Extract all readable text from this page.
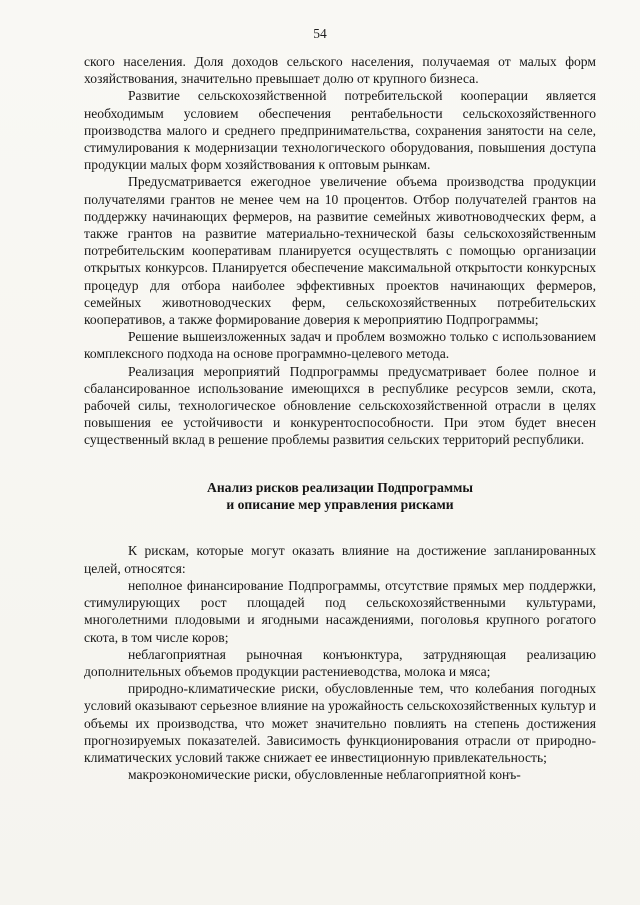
54

ского населения. Доля доходов сельского населения, получаемая от малых форм хозяйствования, значительно превышает долю от крупного бизнеса.

Развитие сельскохозяйственной потребительской кооперации является необходимым условием обеспечения рентабельности сельскохозяйственного производства малого и среднего предпринимательства, сохранения занятости на селе, стимулирования к модернизации технологического оборудования, повышения доступа продукции малых форм хозяйствования к оптовым рынкам.

Предусматривается ежегодное увеличение объема производства продукции получателями грантов не менее чем на 10 процентов. Отбор получателей грантов на поддержку начинающих фермеров, на развитие семейных животноводческих ферм, а также грантов на развитие материально-технической базы сельскохозяйственным потребительским кооперативам планируется осуществлять с помощью организации открытых конкурсов. Планируется обеспечение максимальной открытости конкурсных процедур для отбора наиболее эффективных проектов начинающих фермеров, семейных животноводческих ферм, сельскохозяйственных потребительских кооперативов, а также формирование доверия к мероприятию Подпрограммы;

Решение вышеизложенных задач и проблем возможно только с использованием комплексного подхода на основе программно-целевого метода.

Реализация мероприятий Подпрограммы предусматривает более полное и сбалансированное использование имеющихся в республике ресурсов земли, скота, рабочей силы, технологическое обновление сельскохозяйственной отрасли в целях повышения ее устойчивости и конкурентоспособности. При этом будет внесен существенный вклад в решение проблемы развития сельских территорий республики.

Анализ рисков реализации Подпрограммы
и описание мер управления рисками

К рискам, которые могут оказать влияние на достижение запланированных целей, относятся:

неполное финансирование Подпрограммы, отсутствие прямых мер поддержки, стимулирующих рост площадей под сельскохозяйственными культурами, многолетними плодовыми и ягодными насаждениями, поголовья крупного рогатого скота, в том числе коров;

неблагоприятная рыночная конъюнктура, затрудняющая реализацию дополнительных объемов продукции растениеводства, молока и мяса;

природно-климатические риски, обусловленные тем, что колебания погодных условий оказывают серьезное влияние на урожайность сельскохозяйственных культур и объемы их производства, что может значительно повлиять на степень достижения прогнозируемых показателей. Зависимость функционирования отрасли от природно-климатических условий также снижает ее инвестиционную привлекательность;

макроэкономические риски, обусловленные неблагоприятной конъ-
